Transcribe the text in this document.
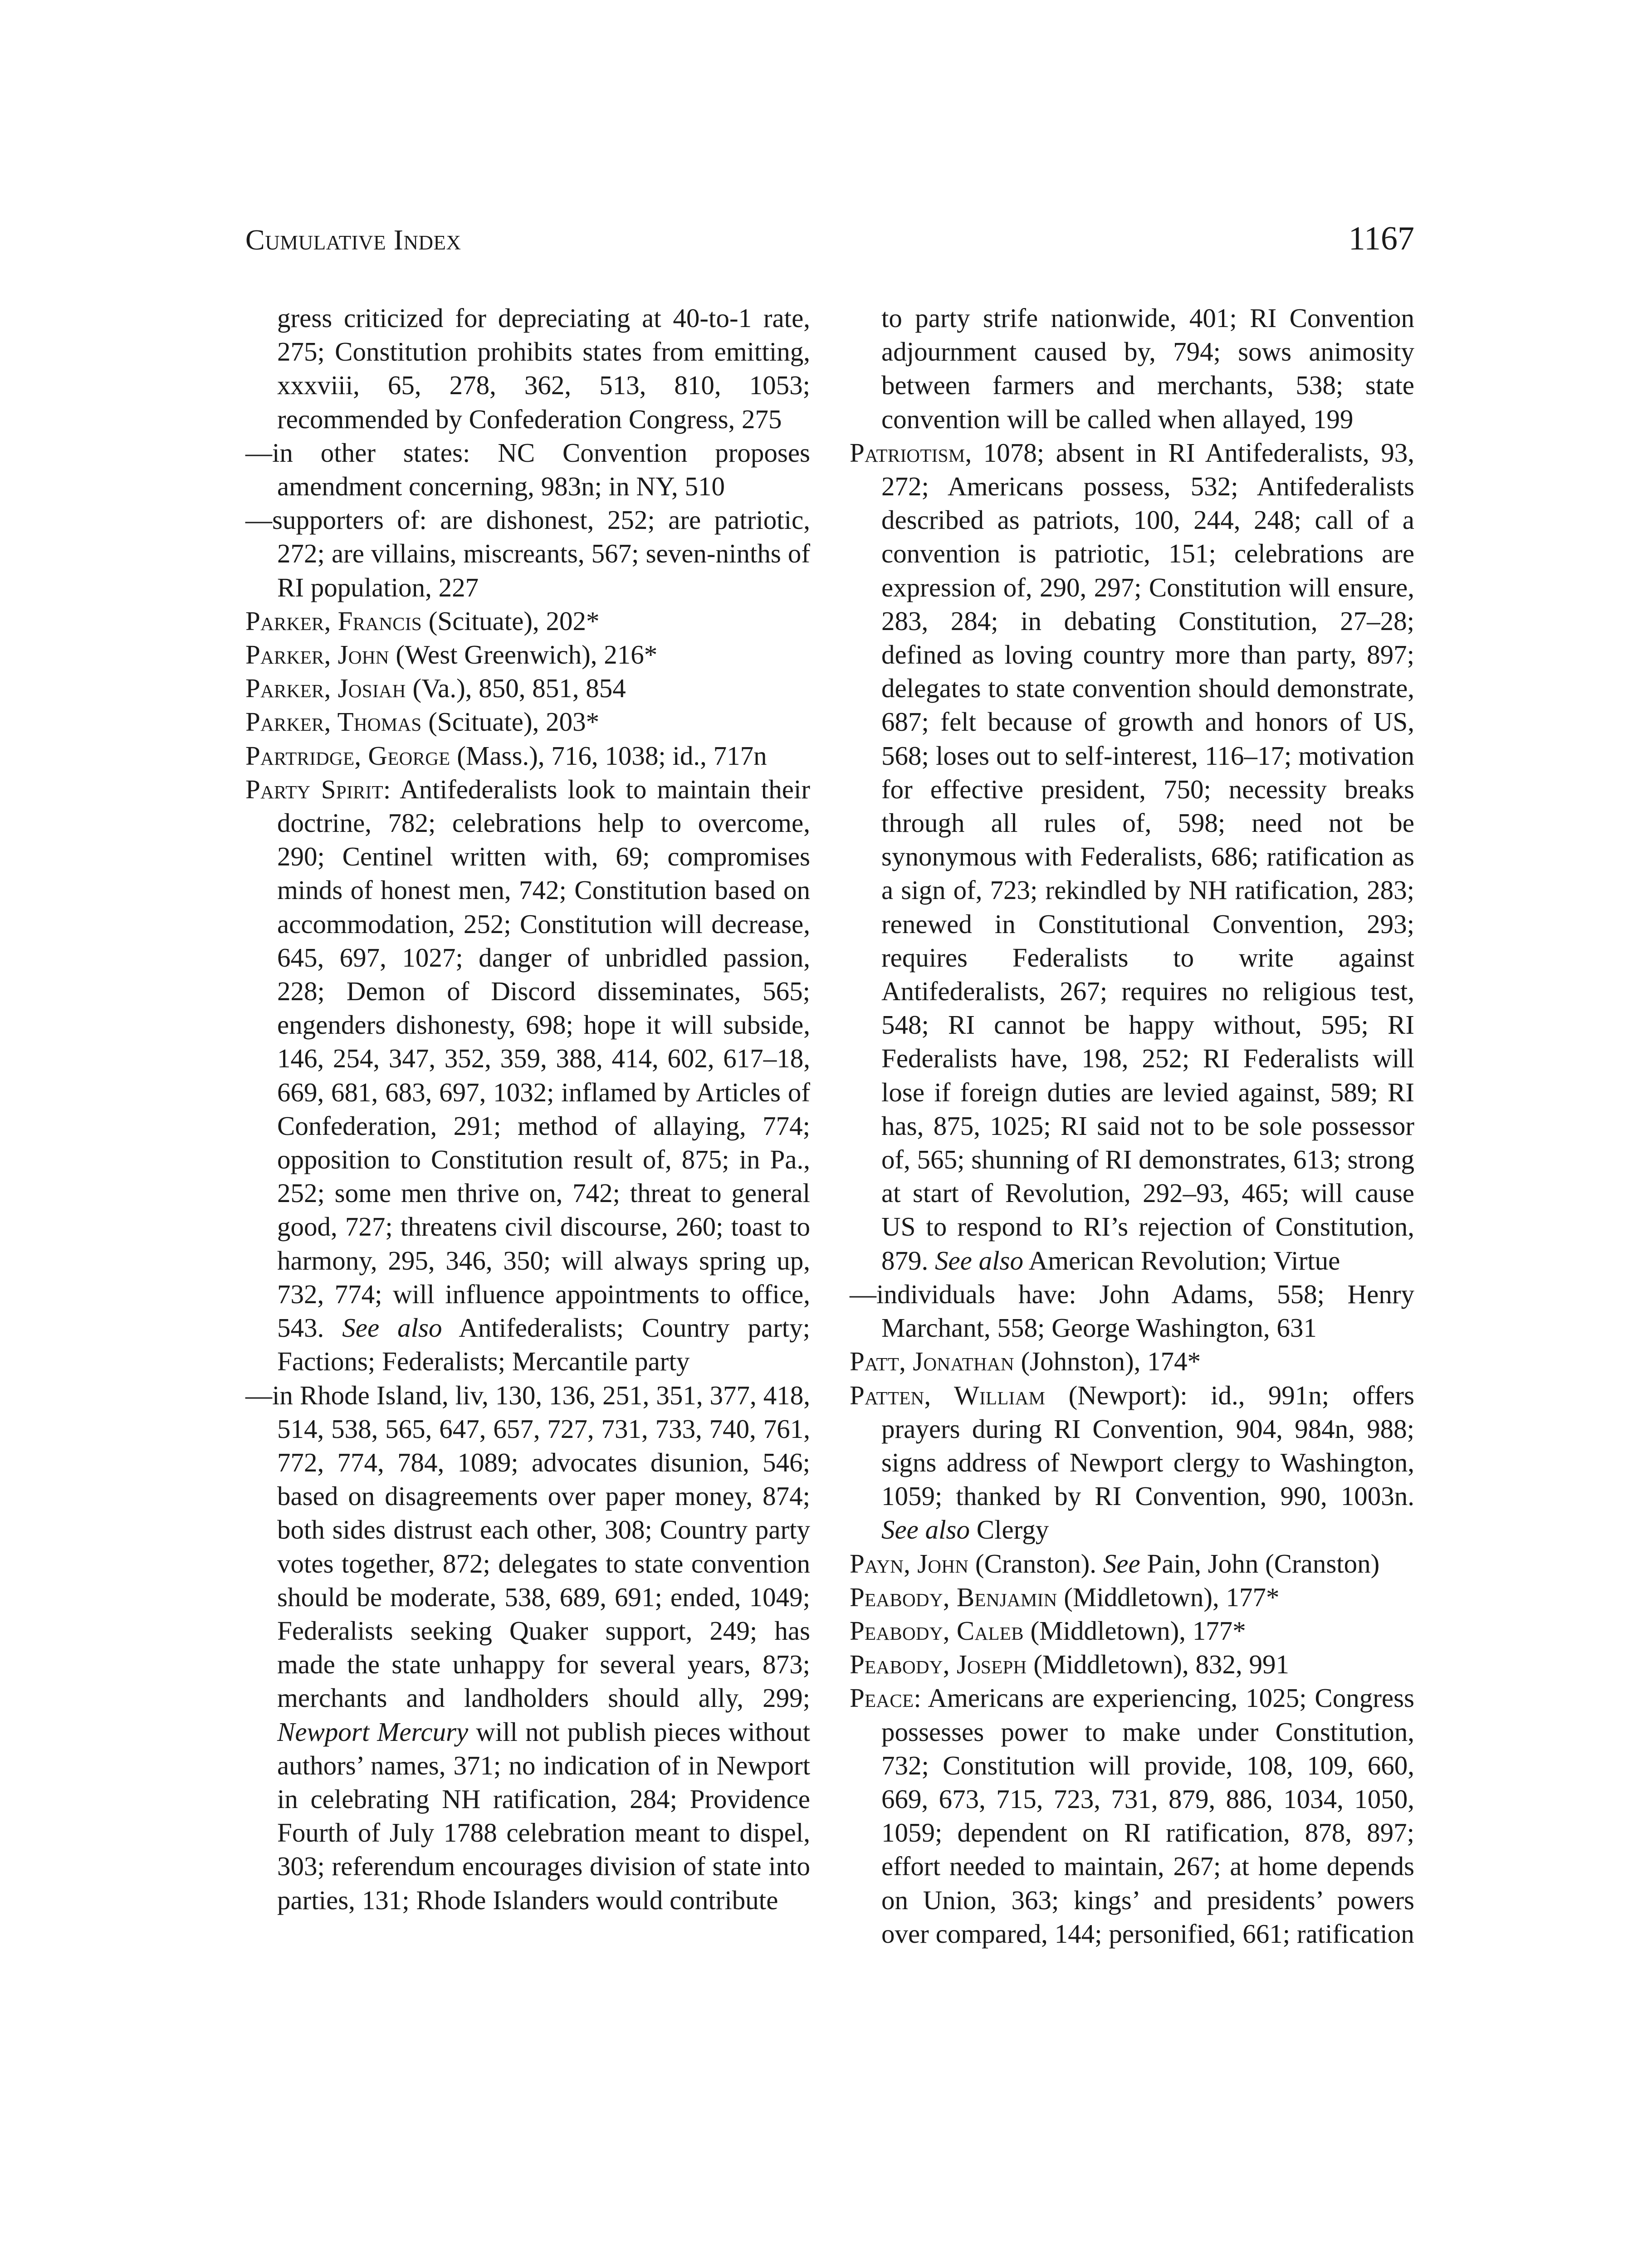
Cumulative Index	1167

gress criticized for depreciating at 40-to-1 rate, 275; Constitution prohibits states from emitting, xxxviii, 65, 278, 362, 513, 810, 1053; recommended by Confederation Congress, 275

—in other states: NC Convention proposes amendment concerning, 983n; in NY, 510

—supporters of: are dishonest, 252; are patriotic, 272; are villains, miscreants, 567; seven-ninths of RI population, 227

Parker, Francis (Scituate), 202*

Parker, John (West Greenwich), 216*

Parker, Josiah (Va.), 850, 851, 854

Parker, Thomas (Scituate), 203*

Partridge, George (Mass.), 716, 1038; id., 717n

Party Spirit: Antifederalists look to maintain their doctrine, 782; celebrations help to overcome, 290; Centinel written with, 69; compromises minds of honest men, 742; Constitution based on accommodation, 252; Constitution will decrease, 645, 697, 1027; danger of unbridled passion, 228; Demon of Discord disseminates, 565; engenders dishonesty, 698; hope it will subside, 146, 254, 347, 352, 359, 388, 414, 602, 617–18, 669, 681, 683, 697, 1032; inflamed by Articles of Confederation, 291; method of allaying, 774; opposition to Constitution result of, 875; in Pa., 252; some men thrive on, 742; threat to general good, 727; threatens civil discourse, 260; toast to harmony, 295, 346, 350; will always spring up, 732, 774; will influence appointments to office, 543. See also Antifederalists; Country party; Factions; Federalists; Mercantile party

—in Rhode Island, liv, 130, 136, 251, 351, 377, 418, 514, 538, 565, 647, 657, 727, 731, 733, 740, 761, 772, 774, 784, 1089; advocates disunion, 546; based on disagreements over paper money, 874; both sides distrust each other, 308; Country party votes together, 872; delegates to state convention should be moderate, 538, 689, 691; ended, 1049; Federalists seeking Quaker support, 249; has made the state unhappy for several years, 873; merchants and landholders should ally, 299; Newport Mercury will not publish pieces without authors’ names, 371; no indication of in Newport in celebrating NH ratification, 284; Providence Fourth of July 1788 celebration meant to dispel, 303; referendum encourages division of state into parties, 131; Rhode Islanders would contribute

to party strife nationwide, 401; RI Convention adjournment caused by, 794; sows animosity between farmers and merchants, 538; state convention will be called when allayed, 199

Patriotism, 1078; absent in RI Antifederalists, 93, 272; Americans possess, 532; Antifederalists described as patriots, 100, 244, 248; call of a convention is patriotic, 151; celebrations are expression of, 290, 297; Constitution will ensure, 283, 284; in debating Constitution, 27–28; defined as loving country more than party, 897; delegates to state convention should demonstrate, 687; felt because of growth and honors of US, 568; loses out to self-interest, 116–17; motivation for effective president, 750; necessity breaks through all rules of, 598; need not be synonymous with Federalists, 686; ratification as a sign of, 723; rekindled by NH ratification, 283; renewed in Constitutional Convention, 293; requires Federalists to write against Antifederalists, 267; requires no religious test, 548; RI cannot be happy without, 595; RI Federalists have, 198, 252; RI Federalists will lose if foreign duties are levied against, 589; RI has, 875, 1025; RI said not to be sole possessor of, 565; shunning of RI demonstrates, 613; strong at start of Revolution, 292–93, 465; will cause US to respond to RI’s rejection of Constitution, 879. See also American Revolution; Virtue

—individuals have: John Adams, 558; Henry Marchant, 558; George Washington, 631

Patt, Jonathan (Johnston), 174*

Patten, William (Newport): id., 991n; offers prayers during RI Convention, 904, 984n, 988; signs address of Newport clergy to Washington, 1059; thanked by RI Convention, 990, 1003n. See also Clergy

Payn, John (Cranston). See Pain, John (Cranston)

Peabody, Benjamin (Middletown), 177*

Peabody, Caleb (Middletown), 177*

Peabody, Joseph (Middletown), 832, 991

Peace: Americans are experiencing, 1025; Congress possesses power to make under Constitution, 732; Constitution will provide, 108, 109, 660, 669, 673, 715, 723, 731, 879, 886, 1034, 1050, 1059; dependent on RI ratification, 878, 897; effort needed to maintain, 267; at home depends on Union, 363; kings’ and presidents’ powers over compared, 144; personified, 661; ratification
